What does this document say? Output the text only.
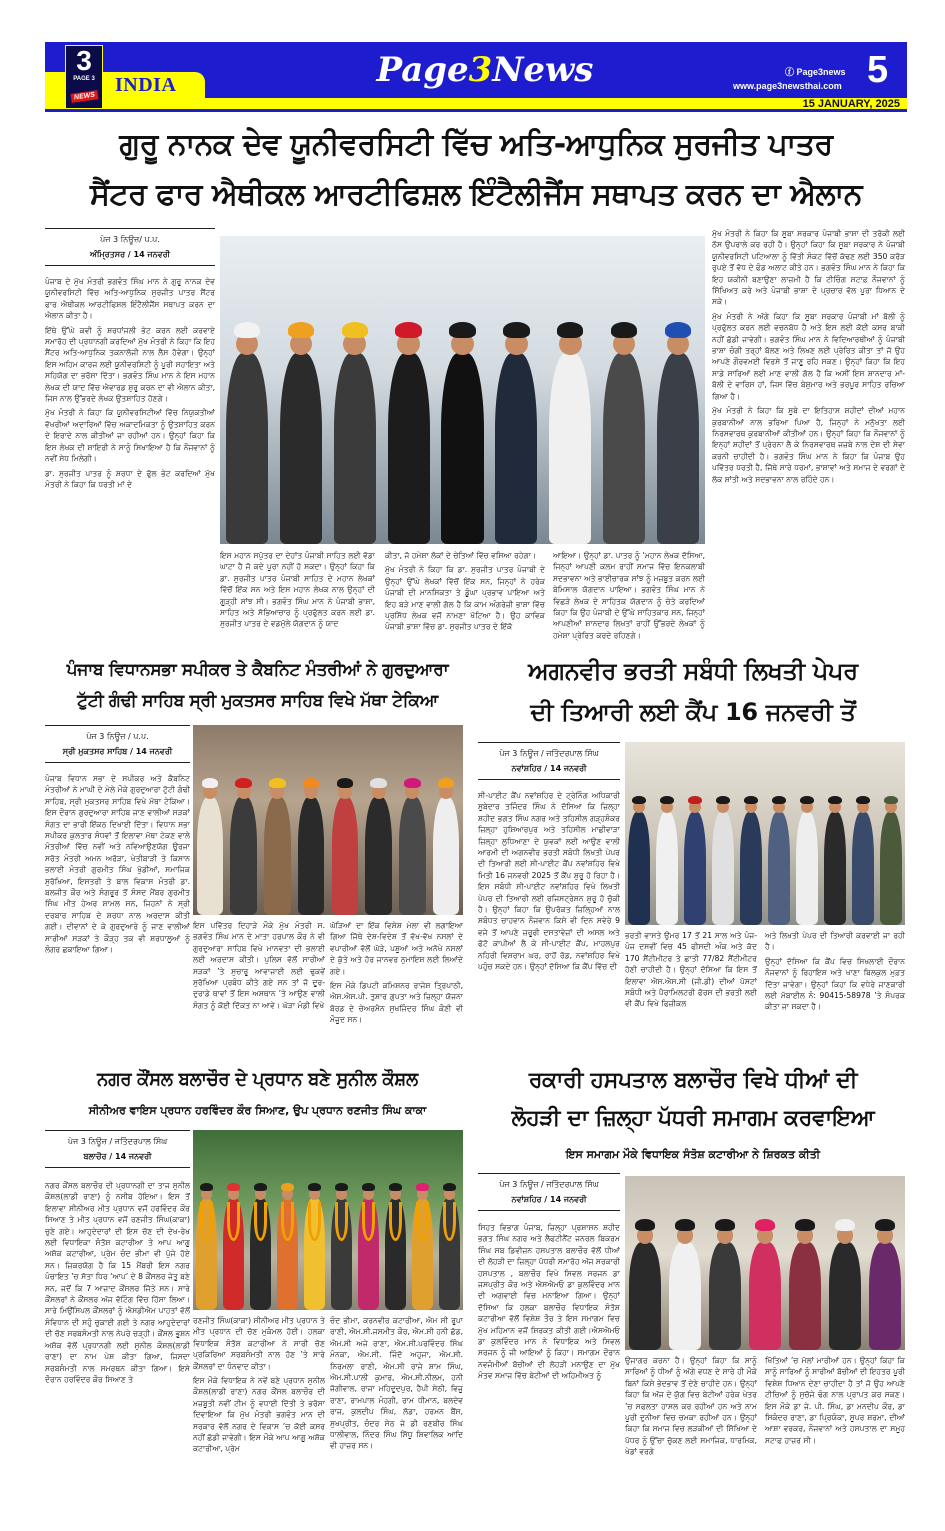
3
PAGE 3
NEWS
INDIA	Page3News	ⓕ Page3news
www.page3newsthai.com 5
15 JANUARY, 2025
ਗੁਰੂ ਨਾਨਕ ਦੇਵ ਯੂਨੀਵਰਸਿਟੀ ਵਿੱਚ ਅਤਿ-ਆਧੁਨਿਕ ਸੁਰਜੀਤ ਪਾਤਰ
ਸੈਂਟਰ ਫਾਰ ਐਥੀਕਲ ਆਰਟੀਫਿਸ਼ਲ ਇੰਟੈਲੀਜੈਂਸ ਸਥਾਪਤ ਕਰਨ ਦਾ ਐਲਾਨ
ਪੇਜ 3 ਨਿਊਜ਼/ ਪ.ਪ.
ਅੰਮ੍ਰਿਤਸਰ / 14 ਜਨਵਰੀ

ਪੰਜਾਬ ਦੇ ਮੁੱਖ ਮੰਤਰੀ ਭਗਵੰਤ ਸਿੰਘ ਮਾਨ ਨੇ ਗੁਰੂ ਨਾਨਕ ਦੇਵ ਯੂਨੀਵਰਸਿਟੀ ਵਿੱਚ ਅਤਿ-ਆਧੁਨਿਕ ਸੁਰਜੀਤ ਪਾਤਰ ਸੈਂਟਰ ਫਾਰ ਐਥੀਕਲ ਆਰਟੀਫਿਸ਼ਲ ਇੰਟੈਲੀਜੈਂਸ ਸਥਾਪਤ ਕਰਨ ਦਾ ਐਲਾਨ ਕੀਤਾ ਹੈ।

ਇੱਥੇ ਉੱਘੇ ਕਵੀ ਨੂੰ ਸ਼ਰਧਾਂਜਲੀ ਭੇਟ ਕਰਨ ਲਈ ਕਰਵਾਏ ਸਮਾਰੋਹ ਦੀ ਪ੍ਰਧਾਨਗੀ ਕਰਦਿਆਂ ਮੁੱਖ ਮੰਤਰੀ ਨੇ ਕਿਹਾ ਕਿ ਇਹ ਸੈਂਟਰ ਅਤਿ-ਆਧੁਨਿਕ ਤਕਨਾਲੋਜੀ ਨਾਲ ਲੈਸ ਹੋਵੇਗਾ। ਉਨ੍ਹਾਂ ਇਸ ਅਹਿਮ ਕਾਰਜ ਲਈ ਯੂਨੀਵਰਸਿਟੀ ਨੂੰ ਪੂਰੀ ਸਹਾਇਤਾ ਅਤੇ ਸਹਿਯੋਗ ਦਾ ਭਰੋਸਾ ਦਿੱਤਾ। ਭਗਵੰਤ ਸਿੰਘ ਮਾਨ ਨੇ ਇਸ ਮਹਾਨ ਲੇਖਕ ਦੀ ਯਾਦ ਵਿੱਚ ਐਵਾਰਡ ਸ਼ੁਰੂ ਕਰਨ ਦਾ ਵੀ ਐਲਾਨ ਕੀਤਾ, ਜਿਸ ਨਾਲ ਉੱਭਰਦੇ ਲੇਖਕ ਉਤਸ਼ਾਹਿਤ ਹੋਣਗੇ।

ਮੁੱਖ ਮੰਤਰੀ ਨੇ ਕਿਹਾ ਕਿ ਯੂਨੀਵਰਸਿਟੀਆਂ ਵਿੱਚ ਨਿਯੁਕਤੀਆਂ ਵੱਖਰੀਆਂ ਅਦਾਰਿਆਂ ਵਿੱਚ ਅਕਾਦਮਿਕਤਾ ਨੂੰ ਉਤਸ਼ਾਹਿਤ ਕਰਨ ਦੇ ਇਰਾਦੇ ਨਾਲ ਕੀਤੀਆਂ ਜਾ ਰਹੀਆਂ ਹਨ। ਉਨ੍ਹਾਂ ਕਿਹਾ ਕਿ ਇਸ ਲੇਖਕ ਦੀ ਸ਼ਾਇਰੀ ਨੇ ਸਾਨੂੰ ਸਿਖਾਇਆ ਹੈ ਕਿ ਨੌਜਵਾਨਾਂ ਨੂੰ ਨਵੀਂ ਸੇਧ ਮਿਲੇਗੀ।

ਡਾ. ਸੁਰਜੀਤ ਪਾਤਰ ਨੂੰ ਸ਼ਰਧਾ ਦੇ ਫੁੱਲ ਭੇਟ ਕਰਦਿਆਂ ਮੁੱਖ ਮੰਤਰੀ ਨੇ ਕਿਹਾ ਕਿ ਧਰਤੀ ਮਾਂ ਦੇ

ਇਸ ਮਹਾਨ ਸਪੁੱਤਰ ਦਾ ਦੇਹਾਂਤ ਪੰਜਾਬੀ ਸਾਹਿਤ ਲਈ ਵੱਡਾ ਘਾਟਾ ਹੈ ਜੋ ਕਦੇ ਪੂਰਾ ਨਹੀਂ ਹੋ ਸਕਦਾ। ਉਨ੍ਹਾਂ ਕਿਹਾ ਕਿ ਡਾ. ਸੁਰਜੀਤ ਪਾਤਰ ਪੰਜਾਬੀ ਸਾਹਿਤ ਦੇ ਮਹਾਨ ਲੇਖਕਾਂ ਵਿੱਚੋਂ ਇੱਕ ਸਨ ਅਤੇ ਇਸ ਮਹਾਨ ਲੇਖਕ ਨਾਲ ਉਨ੍ਹਾਂ ਦੀ ਗੂੜ੍ਹੀ ਸਾਂਝ ਸੀ। ਭਗਵੰਤ ਸਿੰਘ ਮਾਨ ਨੇ ਪੰਜਾਬੀ ਭਾਸ਼ਾ, ਸਾਹਿਤ ਅਤੇ ਸੱਭਿਆਚਾਰ ਨੂੰ ਪ੍ਰਫੁੱਲਤ ਕਰਨ ਲਈ ਡਾ. ਸੁਰਜੀਤ ਪਾਤਰ ਦੇ ਵਡਮੁੱਲੇ ਯੋਗਦਾਨ ਨੂੰ ਯਾਦ

ਕੀਤਾ, ਜੋ ਹਮੇਸ਼ਾ ਲੋਕਾਂ ਦੇ ਚੇਤਿਆਂ ਵਿੱਚ ਵਸਿਆ ਰਹੇਗਾ।

ਮੁੱਖ ਮੰਤਰੀ ਨੇ ਕਿਹਾ ਕਿ ਡਾ. ਸੁਰਜੀਤ ਪਾਤਰ ਪੰਜਾਬੀ ਦੇ ਉਨ੍ਹਾਂ ਉੱਘੇ ਲੇਖਕਾਂ ਵਿੱਚੋਂ ਇੱਕ ਸਨ, ਜਿਨ੍ਹਾਂ ਨੇ ਹਰੇਕ ਪੰਜਾਬੀ ਦੀ ਮਾਨਸਿਕਤਾ ਤੇ ਡੂੰਘਾ ਪ੍ਰਭਾਵ ਪਾਇਆ ਅਤੇ ਇਹ ਬੜੇ ਮਾਣ ਵਾਲੀ ਗੱਲ ਹੈ ਕਿ ਕਾਮ ਅੰਗਰੇਜ਼ੀ ਭਾਸ਼ਾ ਵਿੱਚ ਪ੍ਰਸਿੱਧ ਲੇਖਕ ਵਜੋਂ ਨਾਮਣਾ ਖੱਟਿਆ ਹੈ। ਉਹ ਕਾਵਿਕ ਪੰਜਾਬੀ ਭਾਸ਼ਾ ਵਿੱਚ ਡਾ. ਸੁਰਜੀਤ ਪਾਤਰ ਦੇ ਇੱਕੋ

ਆਇਆ। ਉਨ੍ਹਾਂ ਡਾ. ਪਾਤਰ ਨੂੰ ‘ਮਹਾਨ ਲੇਖਕ ਦੱਸਿਆ, ਜਿਨ੍ਹਾਂ ਆਪਣੀ ਕਲਮ ਰਾਹੀਂ ਸਮਾਜ ਵਿੱਚ ਇਨਕਲਾਬੀ ਸਦਭਾਵਨਾ ਅਤੇ ਭਾਈਚਾਰਕ ਸਾਂਝ ਨੂੰ ਮਜ਼ਬੂਤ ਕਰਨ ਲਈ ਬੇਮਿਸਾਲ ਯੋਗਦਾਨ ਪਾਇਆ। ਭਗਵੰਤ ਸਿੰਘ ਮਾਨ ਨੇ ਵਿਛੜੇ ਲੇਖਕ ਦੇ ਸਾਹਿਤਕ ਯੋਗਦਾਨ ਨੂੰ ਚੇਤੇ ਕਰਦਿਆਂ ਕਿਹਾ ਕਿ ਉਹ ਪੰਜਾਬੀ ਦੇ ਉੱਘੇ ਸਾਹਿਤਕਾਰ ਸਨ, ਜਿਨ੍ਹਾਂ ਆਪਣੀਆਂ ਸ਼ਾਨਦਾਰ ਲਿਖਤਾਂ ਰਾਹੀਂ ਉੱਭਰਦੇ ਲੇਖਕਾਂ ਨੂੰ ਹਮੇਸ਼ਾ ਪ੍ਰੇਰਿਤ ਕਰਦੇ ਰਹਿਣਗੇ।

ਮੁੱਖ ਮੰਤਰੀ ਨੇ ਕਿਹਾ ਕਿ ਸੂਬਾ ਸਰਕਾਰ ਪੰਜਾਬੀ ਭਾਸ਼ਾ ਦੀ ਤਰੱਕੀ ਲਈ ਠੋਸ ਉਪਰਾਲੇ ਕਰ ਰਹੀ ਹੈ। ਉਨ੍ਹਾਂ ਕਿਹਾ ਕਿ ਸੂਬਾ ਸਰਕਾਰ ਨੇ ਪੰਜਾਬੀ ਯੂਨੀਵਰਸਿਟੀ ਪਟਿਆਲਾ ਨੂੰ ਵਿੱਤੀ ਸੰਕਟ ਵਿੱਚੋਂ ਕੱਢਣ ਲਈ 350 ਕਰੋੜ ਰੁਪਏ ਤੋਂ ਵੱਧ ਦੇ ਫੰਡ ਅਲਾਟ ਕੀਤੇ ਹਨ। ਭਗਵੰਤ ਸਿੰਘ ਮਾਨ ਨੇ ਕਿਹਾ ਕਿ ਇਹ ਯਕੀਨੀ ਬਣਾਉਣਾ ਲਾਜ਼ਮੀ ਹੈ ਕਿ ਟੀਚਿੰਗ ਸਟਾਫ਼ ਨੌਜਵਾਨਾਂ ਨੂੰ ਸਿੱਖਿਅਤ ਕਰੇ ਅਤੇ ਪੰਜਾਬੀ ਭਾਸ਼ਾ ਦੇ ਪ੍ਰਚਾਰ ਵੱਲ ਪੂਰਾ ਧਿਆਨ ਦੇ ਸਕੇ।

ਮੁੱਖ ਮੰਤਰੀ ਨੇ ਅੱਗੇ ਕਿਹਾ ਕਿ ਸੂਬਾ ਸਰਕਾਰ ਪੰਜਾਬੀ ਮਾਂ ਬੋਲੀ ਨੂੰ ਪ੍ਰਫੁੱਲਤ ਕਰਨ ਲਈ ਵਚਨਬੱਧ ਹੈ ਅਤੇ ਇਸ ਲਈ ਕੋਈ ਕਸਰ ਬਾਕੀ ਨਹੀਂ ਛੱਡੀ ਜਾਵੇਗੀ। ਭਗਵੰਤ ਸਿੰਘ ਮਾਨ ਨੇ ਵਿਦਿਆਰਥੀਆਂ ਨੂੰ ਪੰਜਾਬੀ ਭਾਸ਼ਾ ਚੰਗੀ ਤਰ੍ਹਾਂ ਬੋਲਣ ਅਤੇ ਲਿਖਣ ਲਈ ਪ੍ਰੇਰਿਤ ਕੀਤਾ ਤਾਂ ਜੋ ਉਹ ਆਪਣੇ ਗੌਰਵਮਈ ਵਿਰਸੇ ਤੋਂ ਜਾਣੂ ਰਹਿ ਸਕਣ। ਉਨ੍ਹਾਂ ਕਿਹਾ ਕਿ ਇਹ ਸਾਡੇ ਸਾਰਿਆਂ ਲਈ ਮਾਣ ਵਾਲੀ ਗੱਲ ਹੈ ਕਿ ਅਸੀਂ ਇਸ ਸ਼ਾਨਦਾਰ ਮਾਂ-ਬੋਲੀ ਦੇ ਵਾਰਿਸ ਹਾਂ, ਜਿਸ ਵਿੱਚ ਬੇਸ਼ੁਮਾਰ ਅਤੇ ਭਰਪੂਰ ਸਾਹਿਤ ਰਚਿਆ ਗਿਆ ਹੈ।

ਮੁੱਖ ਮੰਤਰੀ ਨੇ ਕਿਹਾ ਕਿ ਸੂਬੇ ਦਾ ਇਤਿਹਾਸ ਸ਼ਹੀਦਾਂ ਦੀਆਂ ਮਹਾਨ ਕੁਰਬਾਨੀਆਂ ਨਾਲ ਭਰਿਆ ਪਿਆ ਹੈ, ਜਿਨ੍ਹਾਂ ਨੇ ਮਨੁੱਖਤਾ ਲਈ ਨਿਰਸਵਾਰਥ ਕੁਰਬਾਨੀਆਂ ਕੀਤੀਆਂ ਹਨ। ਉਨ੍ਹਾਂ ਕਿਹਾ ਕਿ ਨੌਜਵਾਨਾਂ ਨੂੰ ਇਨ੍ਹਾਂ ਸ਼ਹੀਦਾਂ ਤੋਂ ਪ੍ਰੇਰਨਾ ਲੈ ਕੇ ਨਿਰਸਵਾਰਥ ਜਜ਼ਬੇ ਨਾਲ ਦੇਸ਼ ਦੀ ਸੇਵਾ ਕਰਨੀ ਚਾਹੀਦੀ ਹੈ। ਭਗਵੰਤ ਸਿੰਘ ਮਾਨ ਨੇ ਕਿਹਾ ਕਿ ਪੰਜਾਬ ਉਹ ਪਵਿੱਤਰ ਧਰਤੀ ਹੈ, ਜਿੱਥੇ ਸਾਰੇ ਧਰਮਾਂ, ਭਾਸ਼ਾਵਾਂ ਅਤੇ ਸਮਾਜ ਦੇ ਵਰਗਾਂ ਦੇ ਲੋਕ ਸ਼ਾਂਤੀ ਅਤੇ ਸਦਭਾਵਨਾ ਨਾਲ ਰਹਿੰਦੇ ਹਨ।

ਪੰਜਾਬ ਵਿਧਾਨਸਭਾ ਸਪੀਕਰ ਤੇ ਕੈਬਨਿਟ ਮੰਤਰੀਆਂ ਨੇ ਗੁਰਦੁਆਰਾ
ਟੁੱਟੀ ਗੰਢੀ ਸਾਹਿਬ ਸ੍ਰੀ ਮੁਕਤਸਰ ਸਾਹਿਬ ਵਿਖੇ ਮੱਥਾ ਟੇਕਿਆ
ਪੇਜ 3 ਨਿਊਜ਼ / ਪ.ਪ.
ਸ੍ਰੀ ਮੁਕਤਸਰ ਸਾਹਿਬ / 14 ਜਨਵਰੀ

ਪੰਜਾਬ ਵਿਧਾਨ ਸਭਾ ਦੇ ਸਪੀਕਰ ਅਤੇ ਕੈਬਨਿਟ ਮੰਤਰੀਆਂ ਨੇ ਮਾਘੀ ਦੇ ਮੇਲੇ ਮੌਕੇ ਗੁਰਦੁਆਰਾ ਟੁੱਟੀ ਗੰਢੀ ਸਾਹਿਬ, ਸ੍ਰੀ ਮੁਕਤਸਰ ਸਾਹਿਬ ਵਿਖੇ ਮੱਥਾ ਟੇਕਿਆ। ਇਸ ਦੌਰਾਨ ਗੁਰਦੁਆਰਾ ਸਾਹਿਬ ਜਾਣ ਵਾਲੀਆਂ ਸੜਕਾਂ ਸੰਗਤ ਦਾ ਭਾਰੀ ਇੱਕਠ ਦਿਖਾਈ ਦਿੱਤਾ। ਵਿਧਾਨ ਸਭਾ ਸਪੀਕਰ ਕੁਲਤਾਰ ਸੰਧਵਾਂ ਤੋਂ ਇਲਾਵਾ ਮੱਥਾ ਟੇਕਣ ਵਾਲੇ ਮੰਤਰੀਆਂ ਵਿੱਚ ਨਵੀਂ ਅਤੇ ਨਵਿਆਉਣਯੋਗ ਊਰਜਾ ਸਰੋਤ ਮੰਤਰੀ ਅਮਨ ਅਰੋੜਾ, ਖੇਤੀਬਾੜੀ ਤੇ ਕਿਸਾਨ ਭਲਾਈ ਮੰਤਰੀ ਗੁਰਮੀਤ ਸਿੰਘ ਖੁੱਡੀਆਂ, ਸਮਾਜਿਕ ਸੁਰੱਖਿਆ, ਇਸਤਰੀ ਤੇ ਬਾਲ ਵਿਕਾਸ ਮੰਤਰੀ ਡਾ. ਬਲਜੀਤ ਕੌਰ ਅਤੇ ਸੰਗਰੂਰ ਤੋਂ ਸੰਸਦ ਮੈਂਬਰ ਗੁਰਮੀਤ ਸਿੰਘ ਮੀਤ ਹੇਅਰ ਸ਼ਾਮਲ ਸਨ, ਜਿਹਨਾਂ ਨੇ ਸ੍ਰੀ ਦਰਬਾਰ ਸਾਹਿਬ ਦੇ ਸ਼ਰਧਾ ਨਾਲ ਅਰਦਾਸ ਕੀਤੀ ਗਈ। ਦੀਵਾਨਾਂ ਦੇ ਕੇ ਗੁਰਦੁਆਰੇ ਨੂੰ ਜਾਣ ਵਾਲੀਆਂ ਸਾਰੀਆਂ ਸੜਕਾਂ ਤੇ ਕੌੜ੍ਹ ਤਕ ਵੀ ਸ਼ਰਧਾਲੂਆਂ ਨੂੰ ਲੰਗਰ ਛਕਾਇਆ ਗਿਆ।

ਇਸ ਪਵਿੱਤਰ ਦਿਹਾੜੇ ਮੌਕੇ ਮੁੱਖ ਮੰਤਰੀ ਸ. ਭਗਵੰਤ ਸਿੰਘ ਮਾਨ ਦੇ ਮਾਤਾ ਹਰਪਾਲ ਕੌਰ ਨੇ ਵੀ ਗੁਰਦੁਆਰਾ ਸਾਹਿਬ ਵਿਖੇ ਮਾਨਵਤਾ ਦੀ ਭਲਾਈ ਲਈ ਅਰਦਾਸ ਕੀਤੀ। ਪੁਲਿਸ ਵੱਲੋਂ ਸਾਰੀਆਂ ਸੜਕਾਂ ’ਤੇ ਸੁਚਾਰੂ ਆਵਾਜਾਈ ਲਈ ਢੁਕਵੇਂ ਸੁਰੱਖਿਆ ਪ੍ਰਬੰਧ ਕੀਤੇ ਗਏ ਸਨ ਤਾਂ ਜੋ ਦੂਰ-ਦੁਰਾਡੇ ਥਾਵਾਂ ਤੋਂ ਇਸ ਅਸਥਾਨ ’ਤੇ ਆਉਣ ਵਾਲੀ ਸੰਗਤ ਨੂੰ ਕੋਈ ਦਿੱਕਤ ਨਾ ਆਵੇ। ਘੋੜਾ ਮੰਡੀ ਵਿਖੇ

ਘੋੜਿਆਂ ਦਾ ਇੱਕ ਵਿਸ਼ੇਸ਼ ਮੇਲਾ ਵੀ ਲਗਾਇਆ ਗਿਆ ਜਿੱਥੇ ਦੇਸ਼-ਵਿਦੇਸ਼ ਤੋਂ ਵੱਖ-ਵੱਖ ਨਸਲਾਂ ਦੇ ਵਪਾਰੀਆਂ ਵੱਲੋਂ ਘੋੜੇ, ਪਸ਼ੂਆਂ ਅਤੇ ਅਨੋਖੇ ਨਸਲਾਂ ਦੇ ਕੁੱਤੇ ਅਤੇ ਹੋਰ ਜਾਨਵਰ ਨੁਮਾਇਸ਼ ਲਈ ਲਿਆਂਦੇ ਗਏ।

ਇਸ ਮੌਕੇ ਡਿਪਟੀ ਕਮਿਸ਼ਨਰ ਰਾਜੇਸ਼ ਤ੍ਰਿਪਾਠੀ, ਐਸ.ਐਸ.ਪੀ. ਤੁਸ਼ਾਰ ਗੁਪਤਾ ਅਤੇ ਜ਼ਿਲ੍ਹਾ ਯੋਜਨਾ ਬੋਰਡ ਦੇ ਚੇਅਰਮੈਨ ਸੁਖਜਿੰਦਰ ਸਿੰਘ ਕੌਣੀ ਵੀ ਮੌਜੂਦ ਸਨ।

ਅਗਨਵੀਰ ਭਰਤੀ ਸਬੰਧੀ ਲਿਖਤੀ ਪੇਪਰ
ਦੀ ਤਿਆਰੀ ਲਈ ਕੈਂਪ 16 ਜਨਵਰੀ ਤੋਂ
ਪੇਜ 3 ਨਿਊਜ਼ / ਜਤਿੰਦਰਪਾਲ ਸਿੰਘ
ਨਵਾਂਸ਼ਹਿਰ / 14 ਜਨਵਰੀ

ਸੀ-ਪਾਈਟ ਕੈਂਪ ਨਵਾਂਸ਼ਹਿਰ ਦੇ ਟ੍ਰੇਨਿੰਗ ਅਧਿਕਾਰੀ ਸੂਬੇਦਾਰ ਤਜਿੰਦਰ ਸਿੰਘ ਨੇ ਦੱਸਿਆ ਕਿ ਜ਼ਿਲ੍ਹਾ ਸ਼ਹੀਦ ਭਗਤ ਸਿੰਘ ਨਗਰ ਅਤੇ ਤਹਿਸੀਲ ਗੜ੍ਹਸ਼ੰਕਰ ਜ਼ਿਲ੍ਹਾ ਹੁਸ਼ਿਆਰਪੁਰ ਅਤੇ ਤਹਿਸੀਲ ਮਾਛੀਵਾੜਾ ਜ਼ਿਲ੍ਹਾ ਲੁਧਿਆਣਾ ਦੇ ਯੁਵਕਾਂ ਲਈ ਆਉਣ ਵਾਲੀ ਆਰਮੀ ਦੀ ਅਗਨਵੀਰ ਭਰਤੀ ਸਬੰਧੀ ਲਿਖਤੀ ਪੇਪਰ ਦੀ ਤਿਆਰੀ ਲਈ ਸੀ-ਪਾਈਟ ਕੈਂਪ ਨਵਾਂਸ਼ਹਿਰ ਵਿਖੇ ਮਿਤੀ 16 ਜਨਵਰੀ 2025 ਤੋਂ ਕੈਂਪ ਸ਼ੁਰੂ ਹੋ ਰਿਹਾ ਹੈ। ਇਸ ਸਬੰਧੀ ਸੀ-ਪਾਈਟ ਨਵਾਂਸ਼ਹਿਰ ਵਿਖੇ ਲਿਖਤੀ ਪੇਪਰ ਦੀ ਤਿਆਰੀ ਲਈ ਰਜਿਸਟ੍ਰੇਸ਼ਨ ਸ਼ੁਰੂ ਹੋ ਚੁੱਕੀ ਹੈ। ਉਨ੍ਹਾਂ ਕਿਹਾ ਕਿ ਉਪਰੋਕਤ ਜ਼ਿਲ੍ਹਿਆਂ ਨਾਲ ਸਬੰਧਤ ਚਾਹਵਾਨ ਨੌਜਵਾਨ ਕਿਸੇ ਵੀ ਦਿਨ ਸਵੇਰੇ 9 ਵਜੇ ਤੋਂ ਆਪਣੇ ਜ਼ਰੂਰੀ ਦਸਤਾਵੇਜ਼ਾਂ ਦੀ ਅਸਲ ਅਤੇ ਫੋਟੋ ਕਾਪੀਆਂ ਲੈ ਕੇ ਸੀ-ਪਾਈਟ ਕੈਂਪ, ਮਾਹਲਪੁਰ ਨਹਿਰੀ ਵਿਸ਼ਰਾਮ ਘਰ, ਰਾਹੋਂ ਰੋਡ, ਨਵਾਂਸ਼ਹਿਰ ਵਿਖੇ ਪਹੁੰਚ ਸਕਦੇ ਹਨ। ਉਨ੍ਹਾਂ ਦੱਸਿਆ ਕਿ ਕੈਂਪ ਵਿੱਚ ਦੀ

ਭਰਤੀ ਵਾਸਤੇ ਉਮਰ 17 ਤੋਂ 21 ਸਾਲ ਅਤੇ ਪੰਜ-ਪੰਜ ਦਸਵੀਂ ਵਿਚ 45 ਫੀਸਦੀ ਅੰਕ ਅਤੇ ਕੱਦ 170 ਸੈਂਟੀਮੀਟਰ ਤੇ ਛਾਤੀ 77/82 ਸੈਂਟੀਮੀਟਰ ਹੋਣੀ ਚਾਹੀਦੀ ਹੈ। ਉਨ੍ਹਾਂ ਦੱਸਿਆ ਕਿ ਇਸ ਤੋਂ ਇਲਾਵਾ ਐਸ.ਐਸ.ਸੀ (ਜੀ.ਡੀ) ਦੀਆਂ ਪੋਸਟਾਂ ਸਬੰਧੀ ਅਤੇ ਪੈਰਾਮਿਲਟਰੀ ਫੋਰਸ ਦੀ ਭਰਤੀ ਲਈ ਵੀ ਕੈਂਪ ਵਿਖੇ ਫਿਜ਼ੀਕਲ

ਅਤੇ ਲਿਖਤੀ ਪੇਪਰ ਦੀ ਤਿਆਰੀ ਕਰਵਾਈ ਜਾ ਰਹੀ ਹੈ।

ਉਨ੍ਹਾਂ ਦੱਸਿਆ ਕਿ ਕੈਂਪ ਵਿਚ ਸਿਖਲਾਈ ਦੌਰਾਨ ਨੌਜਵਾਨਾਂ ਨੂੰ ਰਿਹਾਇਸ਼ ਅਤੇ ਖਾਣਾ ਬਿਲਕੁਲ ਮੁਫ਼ਤ ਦਿੱਤਾ ਜਾਵੇਗਾ। ਉਨ੍ਹਾਂ ਕਿਹਾ ਕਿ ਵਧੇਰੇ ਜਾਣਕਾਰੀ ਲਈ ਮੋਬਾਈਲ ਨੰ: 90415-58978 ’ਤੇ ਸੰਪਰਕ ਕੀਤਾ ਜਾ ਸਕਦਾ ਹੈ।

ਨਗਰ ਕੌਂਸਲ ਬਲਾਚੌਰ ਦੇ ਪ੍ਰਧਾਨ ਬਣੇ ਸੁਨੀਲ ਕੌਸ਼ਲ
ਸੀਨੀਅਰ ਵਾਇਸ ਪ੍ਰਧਾਨ ਹਰਵਿੰਦਰ ਕੌਰ ਸਿਆਣ, ਉਪ ਪ੍ਰਧਾਨ ਰਣਜੀਤ ਸਿੰਘ ਕਾਕਾ
ਪੇਜ 3 ਨਿਊਜ਼ / ਜਤਿੰਦਰਪਾਲ ਸਿੰਘ
ਬਲਾਚੌਰ / 14 ਜਨਵਰੀ

ਨਗਰ ਕੌਂਸਲ ਬਲਾਚੌਰ ਦੀ ਪ੍ਰਧਾਨਗੀ ਦਾ ਤਾਜ ਸੁਨੀਲ ਕੌਸ਼ਲ(ਲਾਡੀ ਰਾਣਾ) ਨੂੰ ਨਸੀਬ ਹੋਇਆ। ਇਸ ਤੋਂ ਇਲਾਵਾ ਸੀਨੀਅਰ ਮੀਤ ਪ੍ਰਧਾਨ ਵਜੋਂ ਹਰਵਿੰਦਰ ਕੌਰ ਸਿਆਣ ਤੇ ਮੀਤ ਪ੍ਰਧਾਨ ਵਜੋਂ ਰਣਜੀਤ ਸਿੰਘ(ਕਾਕਾ) ਚੁਣੇ ਗਏ। ਆਹੁਦੇਦਾਰਾਂ ਦੀ ਇਸ ਚੋਣ ਦੀ ਦੇਖ-ਰੇਖ ਲਈ ਵਿਧਾਇਕਾ ਸੰਤੋਸ਼ ਕਟਾਰੀਆ ਤੇ ਆਪ ਆਗੂ ਅਸ਼ੋਕ ਕਟਾਰੀਆ, ਪ੍ਰੇਮ ਚੰਦ ਭੀਮਾ ਵੀ ਪੁੱਜੇ ਹੋਏ ਸਨ। ਜ਼ਿਕਰਯੋਗ ਹੈ ਕਿ 15 ਮੈਂਬਰੀ ਇਸ ਨਗਰ ਪੰਚਾਇਤ ’ਚ ਸੱਤਾ ਧਿਰ ‘ਆਪ’ ਦੇ 8 ਕੌਂਸਲਰ ਜੇਤੂ ਬਣੇ ਸਨ, ਜਦੋਂ ਕਿ 7 ਆਜ਼ਾਦ ਕੌਂਸਲਰ ਜਿੱਤੇ ਸਨ। ਸਾਰੇ ਕੌਂਸਲਰਾਂ ਨੇ ਕੌਂਸਲਰ ਅੱਜ ਵੋਟਿੰਗ ਵਿੱਚ ਹਿੱਸਾ ਲਿਆ। ਸਾਰੇ ਮਿਉਂਸਿਪਲ ਕੌਂਸਲਰਾਂ ਨੂੰ ਐਸਡੀਐਮ ਪਾਹਤਾਂ ਵੱਲੋਂ ਸੰਵਿਧਾਨ ਦੀ ਸਹੁੰ ਚੁਕਾਈ ਗਈ ਤੇ ਨਗਰ ਆਹੁਦੇਦਾਰਾਂ ਦੀ ਚੋਣ ਸਰਬਸੰਮਤੀ ਨਾਲ ਨੇਪਰੇ ਚੜ੍ਹੀ। ਕੌਂਸਲ ਭੂਸ਼ਨ ਅਸ਼ੋਕ ਵੱਲੋਂ ਪ੍ਰਧਾਨਗੀ ਲਈ ਸੁਨੀਲ ਕੌਸ਼ਲ(ਲਾਡੀ ਰਾਣਾ) ਦਾ ਨਾਮ ਪੇਸ਼ ਕੀਤਾ ਗਿਆ, ਜਿਸਦਾ ਸਰਬਸੰਮਤੀ ਨਾਲ ਸਮਰਥਨ ਕੀਤਾ ਗਿਆ। ਇਸੇ ਦੌਰਾਨ ਹਰਵਿੰਦਰ ਕੌਰ ਸਿਆਣ ਤੇ

ਰਣਜੀਤ ਸਿੰਘ(ਕਾਕਾ) ਸੀਨੀਅਰ ਮੀਤ ਪ੍ਰਧਾਨ ਤੇ ਮੀਤ ਪ੍ਰਧਾਨ ਦੀ ਚੋਣ ਮੁਕੰਮਲ ਹੋਈ। ਹਲਕਾ ਵਿਧਾਇਕ ਸੰਤੋਸ਼ ਕਟਾਰੀਆ ਨੇ ਸਾਰੀ ਚੋਣ ਪ੍ਰਕਿਰਿਆ ਸਰਬਸੰਮਤੀ ਨਾਲ ਹੋਣ ’ਤੇ ਸਾਰੇ ਕੌਂਸਲਰਾਂ ਦਾ ਧੰਨਵਾਦ ਕੀਤਾ।

ਇਸ ਮੌਕੇ ਵਿਧਾਇਕ ਨੇ ਨਵੇਂ ਬਣੇ ਪ੍ਰਧਾਨ ਸੁਨੀਲ ਕੌਸ਼ਲ(ਲਾਡੀ ਰਾਣਾ) ਨਗਰ ਕੌਂਸਲ ਬਲਾਚੌਰ ਦੀ ਮਜ਼ਬੂਤੀ ਨਵੀਂ ਟੀਮ ਨੂੰ ਵਧਾਈ ਦਿੱਤੀ ਤੇ ਭਰੋਸਾ ਦਿਵਾਇਆ ਕਿ ਮੁੱਖ ਮੰਤਰੀ ਭਗਵੰਤ ਮਾਨ ਦੀ ਸਰਕਾਰ ਵੱਲੋਂ ਨਗਰ ਦੇ ਵਿਕਾਸ ’ਚ ਕੋਈ ਕਸਰ ਨਹੀਂ ਛੱਡੀ ਜਾਵੇਗੀ। ਇਸ ਮੌਕੇ ਆਪ ਆਗੂ ਅਸ਼ੋਕ ਕਟਾਰੀਆ, ਪ੍ਰੇਮ

ਚੰਦ ਭੀਮਾ, ਕਰਨਵੀਰ ਕਟਾਰੀਆ, ਐਮ ਸੀ ਰੂਪਾ ਰਾਣੀ, ਐਮ.ਸੀ.ਜਸਮੀਤ ਕੌਰ, ਐਮ.ਸੀ ਹਨੀ ਛੱਡ, ਐਮ.ਸੀ ਅਜੇ ਰਾਣਾ, ਐਮ.ਸੀ.ਪਰਵਿੰਦਰ ਸਿੰਘ ਮੰਨਕਾ, ਐਮ.ਸੀ. ਜਿੰਦੋ ਅਹੁਜਾ, ਐਮ.ਸੀ. ਨਿਰਮਲਾ ਰਾਣੀ, ਐਮ.ਸੀ ਰਾਜੇ ਸ਼ਾਮ ਸਿੰਘ, ਐਮ.ਸੀ.ਪਾਲੀ ਕੁਮਾਰ, ਐਮ.ਸੀ.ਨੀਲਮ, ਹਨੀ ਜੋਗੀਵਾਲ, ਰਾਜਾ ਮਹਿਦੂਦਪੁਰ, ਹੈਪੀ ਸੇਠੀ, ਵਿਜੂ ਰਾਣਾ, ਰਾਮਪਾਲ ਮੰਹਗੀ, ਰਾਮ ਧੀਮਾਨ, ਬਲਦੇਵ ਰਾਜ, ਕੁਲਦੀਪ ਸਿੰਘ, ਲੱਡਾ, ਹਰਮਨ ਬੈਂਸ, ਸੁਖਪ੍ਰੀਤ, ਚੰਦਰ ਸੇਠ ਜੇ ਡੀ ਰਣਬੀਰ ਸਿੰਘ ਧਾਲੀਵਾਲ, ਨਿੰਦਰ ਸਿੰਘ ਸਿੱਧੂ ਸ਼ਿਵਾਲਿਕ ਆਦਿ ਵੀ ਹਾਜ਼ਰ ਸਨ।

ਰਕਾਰੀ ਹਸਪਤਾਲ ਬਲਾਚੌਰ ਵਿਖੇ ਧੀਆਂ ਦੀ
ਲੋਹੜੀ ਦਾ ਜ਼ਿਲ੍ਹਾ ਪੱਧਰੀ ਸਮਾਗਮ ਕਰਵਾਇਆ
ਇਸ ਸਮਾਗਮ ਮੌਕੇ ਵਿਧਾਇਕ ਸੰਤੋਸ਼ ਕਟਾਰੀਆ ਨੇ ਸ਼ਿਰਕਤ ਕੀਤੀ
ਪੇਜ 3 ਨਿਊਜ਼ / ਜਤਿੰਦਰਪਾਲ ਸਿੰਘ
ਨਵਾਂਸ਼ਹਿਰ / 14 ਜਨਵਰੀ

ਸਿਹਤ ਵਿਭਾਗ ਪੰਜਾਬ, ਜ਼ਿਲ੍ਹਾ ਪ੍ਰਸ਼ਾਸਨ ਸ਼ਹੀਦ ਭਗਤ ਸਿੰਘ ਨਗਰ ਅਤੇ ਲੈਫਟੀਨੈਂਟ ਜਨਰਲ ਬਿਕਰਮ ਸਿੰਘ ਸਬ ਡਿਵੀਜ਼ਨ ਹਸਪਤਾਲ ਬਲਾਚੌਰ ਵੱਲੋਂ ਧੀਆਂ ਦੀ ਲੋਹੜੀ ਦਾ ਜ਼ਿਲ੍ਹਾ ਪੱਧਰੀ ਸਮਾਰੋਹ ਅੱਜ ਸਰਕਾਰੀ ਹਸਪਤਾਲ , ਬਲਾਚੌਰ ਵਿਖੇ ਸਿਵਲ ਸਰਜਨ ਡਾ ਜਸਪ੍ਰੀਤ ਕੌਰ ਅਤੇ ਐਸਐਮਓ ਡਾ ਕੁਲਵਿੰਦਰ ਮਾਨ ਦੀ ਅਗਵਾਈ ਵਿਚ ਮਨਾਇਆ ਗਿਆ। ਉਨ੍ਹਾਂ ਦੱਸਿਆ ਕਿ ਹਲਕਾ ਬਲਾਚੌਰ ਵਿਧਾਇਕ ਸੰਤੋਸ਼ ਕਟਾਰੀਆ ਵੱਲੋਂ ਵਿਸ਼ੇਸ਼ ਤੌਰ ਤੇ ਇਸ ਸਮਾਗਮ ਵਿਚ ਮੁੱਖ ਮਹਿਮਾਨ ਵਜੋਂ ਸ਼ਿਰਕਤ ਕੀਤੀ ਗਈ।ਐਸਐਮਓ ਡਾ ਕੁਲਵਿੰਦਰ ਮਾਨ ਨੇ ਵਿਧਾਇਕ ਅਤੇ ਸਿਵਲ ਸਰਜਨ ਨੂੰ ਜੀ ਆਇਆਂ ਨੂੰ ਕਿਹਾ। ਸਮਾਗਮ ਦੌਰਾਨ ਨਵਜੰਮੀਆਂ ਬੱਚੀਆਂ ਦੀ ਲੋਹੜੀ ਮਨਾਉਣ ਦਾ ਮੁੱਖ ਮੰਤਵ ਸਮਾਜ ਵਿੱਚ ਬੇਟੀਆਂ ਦੀ ਅਹਿਮੀਅਤ ਨੂੰ

ਉਜਾਗਰ ਕਰਨਾ ਹੈ। ਉਨ੍ਹਾਂ ਕਿਹਾ ਕਿ ਸਾਨੂੰ ਸਾਰਿਆਂ ਨੂੰ ਧੀਆਂ ਨੂੰ ਅੱਗੇ ਵਧਣ ਦੇ ਸਾਰੇ ਹੀ ਮੌਕੇ ਬਿਨਾਂ ਕਿਸੇ ਭੇਦਭਾਵ ਤੋਂ ਦੇਣੇ ਚਾਹੀਦੇ ਹਨ। ਉਨ੍ਹਾਂ ਕਿਹਾ ਕਿ ਅੱਜ ਦੇ ਯੁੱਗ ਵਿਚ ਬੇਟੀਆਂ ਹਰੇਕ ਖੇਤਰ ’ਚ ਸਫਲਤਾ ਹਾਸਲ ਕਰ ਰਹੀਆਂ ਹਨ ਅਤੇ ਨਾਮ ਪੂਰੀ ਦੁਨੀਆ ਵਿਚ ਚਮਕਾ ਰਹੀਆਂ ਹਨ। ਉਨ੍ਹਾਂ ਕਿਹਾ ਕਿ ਸਮਾਜ ਵਿਚ ਲੜਕੀਆਂ ਦੀ ਸਿੱਖਿਆ ਦੇ ਪੱਧਰ ਨੂੰ ਉੱਚਾ ਚੁੱਕਣ ਲਈ ਸਮਾਜਿਕ, ਧਾਰਮਿਕ, ਖੇਡਾਂ ਵਰਗੇ

ਖਿੱਤਿਆਂ ’ਚ ਮੱਲਾਂ ਮਾਰੀਆਂ ਹਨ। ਉਨ੍ਹਾਂ ਕਿਹਾ ਕਿ ਸਾਨੂੰ ਸਾਰਿਆਂ ਨੂੰ ਸਾਰੀਆਂ ਬੱਚੀਆਂ ਦੀ ਇਹਤਰ ਪੂਰੀ ਵਿਸ਼ੇਸ਼ ਧਿਆਨ ਦੇਣਾ ਚਾਹੀਦਾ ਹੈ ਤਾਂ ਜੋ ਉਹ ਆਪਣੇ ਟੀਚਿਆਂ ਨੂੰ ਸੁਚੱਜੇ ਢੰਗ ਨਾਲ ਪ੍ਰਾਪਤ ਕਰ ਸਕਣ। ਇਸ ਮੌਕੇ ਡਾ ਜੇ. ਪੀ. ਸਿੰਘ, ਡਾ ਮਨਦੀਪ ਕੌਰ, ਡਾ ਸਿਕੰਦਰ ਰਾਣਾ, ਡਾ ਪ੍ਰਿਯੰਕਾ, ਸੂਪਰ ਸ਼ਰਮਾ, ਦੀਆਂ ਆਸ਼ਾ ਵਰਕਰ, ਨੌਜਵਾਨਾਂ ਅਤੇ ਹਸਪਤਾਲ ਦਾ ਸਮੂਹ ਸਟਾਫ ਹਾਜ਼ਰ ਸੀ।
